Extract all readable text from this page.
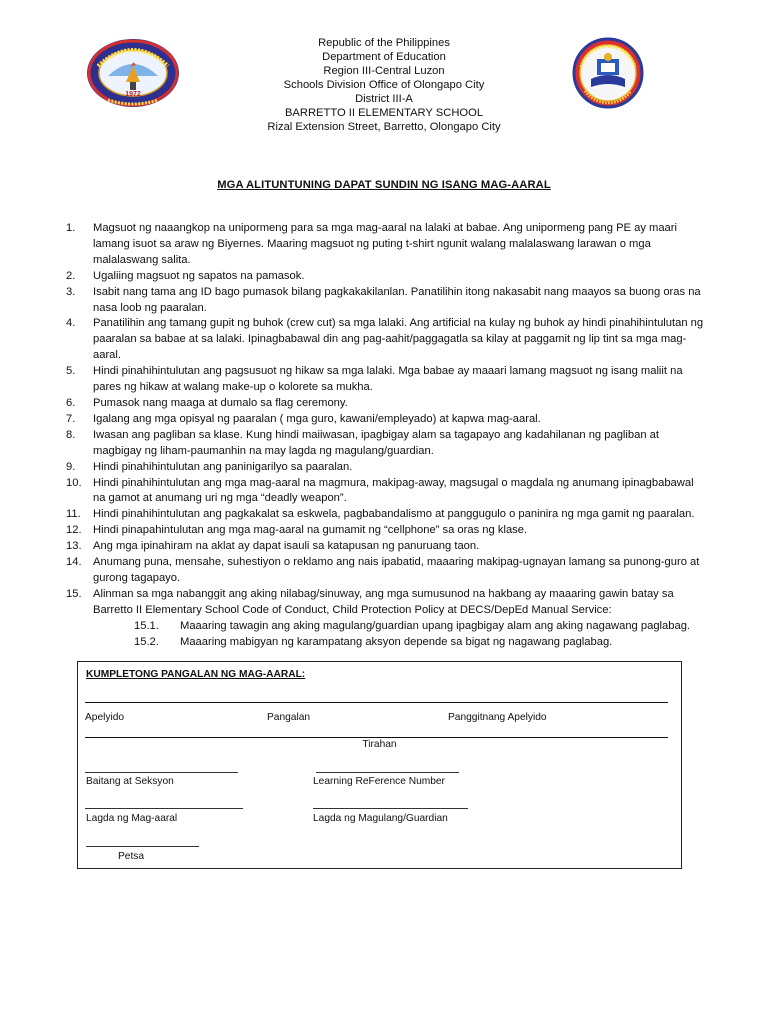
1972
Republic of the Philippines
Department of Education
Region III-Central Luzon
Schools Division Office of Olongapo City
District III-A
BARRETTO II ELEMENTARY SCHOOL
Rizal Extension Street, Barretto, Olongapo City
MGA ALITUNTUNING DAPAT SUNDIN NG ISANG MAG-AARAL
1. Magsuot ng naaangkop na unipormeng para sa mga mag-aaral na lalaki at babae. Ang unipormeng pang PE ay maari lamang isuot sa araw ng Biyernes. Maaring magsuot ng puting t-shirt ngunit walang malalaswang larawan o mga malalaswang salita.
2. Ugaliing magsuot ng sapatos na pamasok.
3. Isabit nang tama ang ID bago pumasok bilang pagkakakilanlan. Panatilihin itong nakasabit nang maayos sa buong oras na nasa loob ng paaralan.
4. Panatilihin ang tamang gupit ng buhok (crew cut) sa mga lalaki. Ang artificial na kulay ng buhok ay hindi pinahihintulutan ng paaralan sa babae at sa lalaki. Ipinagbabawal din ang pag-aahit/paggagatla sa kilay at paggamit ng lip tint sa mga mag-aaral.
5. Hindi pinahihintulutan ang pagsusuot ng hikaw sa mga lalaki. Mga babae ay maaari lamang magsuot ng isang maliit na pares ng hikaw at walang make-up o kolorete sa mukha.
6. Pumasok nang maaga at dumalo sa flag ceremony.
7. Igalang ang mga opisyal ng paaralan ( mga guro, kawani/empleyado) at kapwa mag-aaral.
8. Iwasan ang pagliban sa klase. Kung hindi maiiwasan, ipagbigay alam sa tagapayo ang kadahilanan ng pagliban at magbigay ng liham-paumanhin na may lagda ng magulang/guardian.
9. Hindi pinahihintulutan ang paninigarilyo sa paaralan.
10. Hindi pinahihintulutan ang mga mag-aaral na magmura, makipag-away, magsugal o magdala ng anumang ipinagbabawal na gamot at anumang uri ng mga “deadly weapon”.
11. Hindi pinahihintulutan ang pagkakalat sa eskwela, pagbabandalismo at panggugulo o paninira ng mga gamit ng paaralan.
12. Hindi pinapahintulutan ang mga mag-aaral na gumamit ng “cellphone” sa oras ng klase.
13. Ang mga ipinahiram na aklat ay dapat isauli sa katapusan ng panuruang taon.
14. Anumang puna, mensahe, suhestiyon o reklamo ang nais ipabatid, maaaring makipag-ugnayan lamang sa punong-guro at gurong tagapayo.
15. Alinman sa mga nabanggit ang aking nilabag/sinuway, ang mga sumusunod na hakbang ay maaaring gawin batay sa Barretto II Elementary School Code of Conduct, Child Protection Policy at DECS/DepEd Manual Service:
15.1. Maaaring tawagin ang aking magulang/guardian upang ipagbigay alam ang aking nagawang paglabag.
15.2. Maaaring mabigyan ng karampatang aksyon depende sa bigat ng nagawang paglabag.
KUMPLETONG PANGALAN NG MAG-AARAL:
Apelyido	Pangalan	Panggitnang Apelyido
Tirahan
Baitang at Seksyon	Learning ReFerence Number
Lagda ng Mag-aaral	Lagda ng Magulang/Guardian
Petsa
